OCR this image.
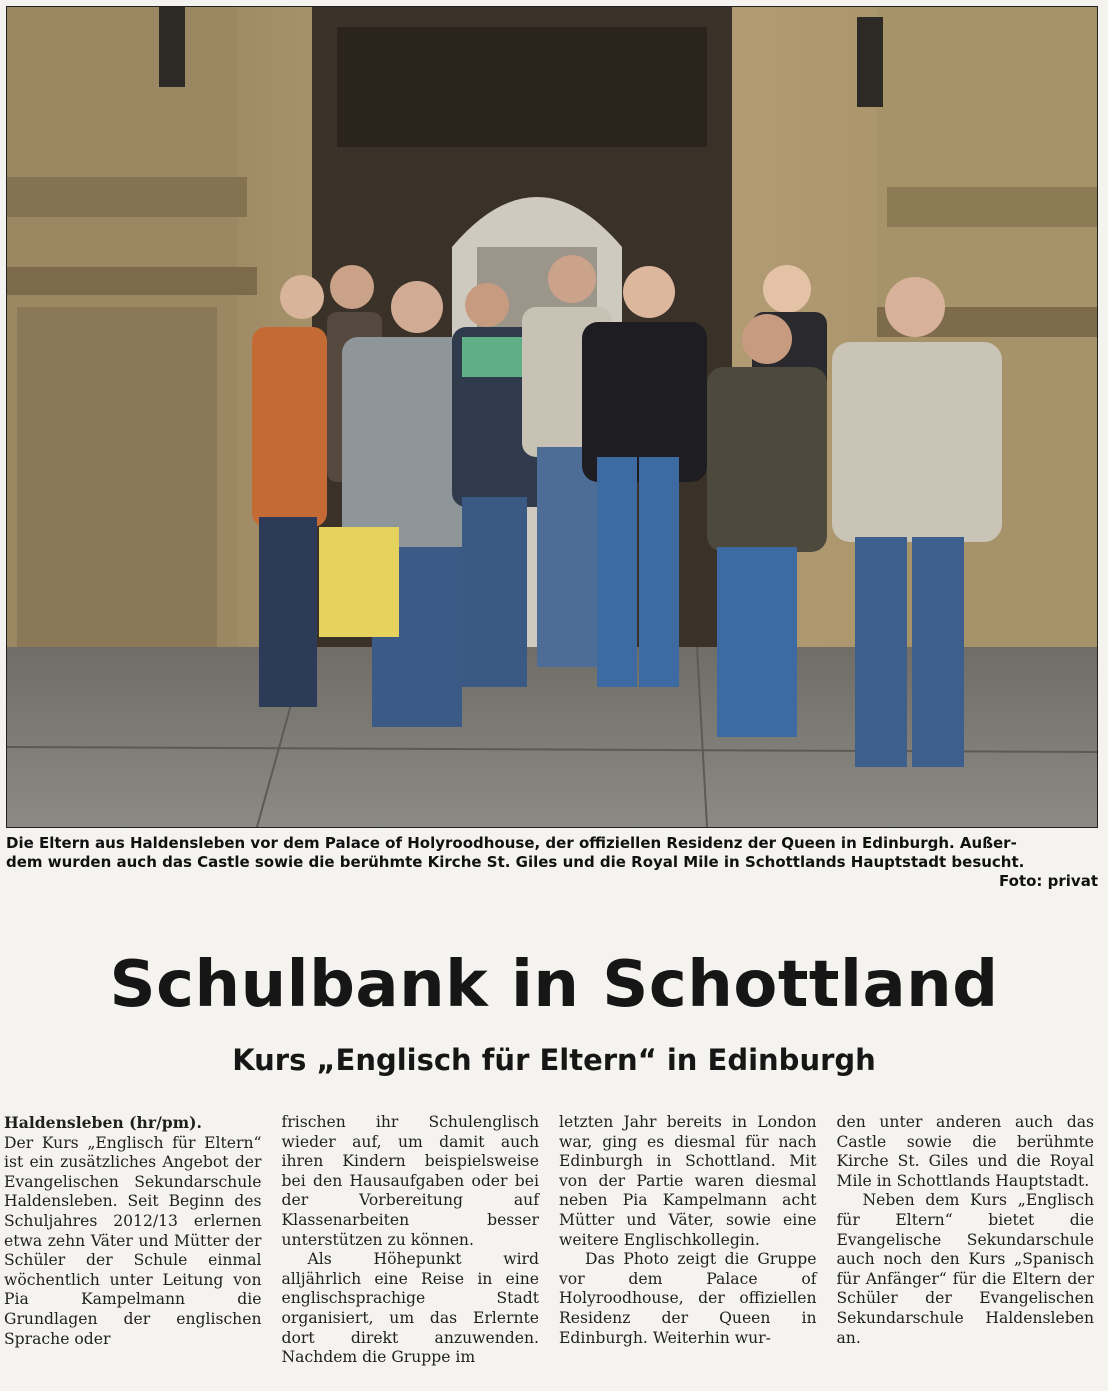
Die Eltern aus Haldensleben vor dem Palace of Holyroodhouse, der offiziellen Residenz der Queen in Edinburgh. Außer-
dem wurden auch das Castle sowie die berühmte Kirche St. Giles und die Royal Mile in Schottlands Hauptstadt besucht.
Foto: privat
Schulbank in Schottland
Kurs „Englisch für Eltern“ in Edinburgh

Haldensleben (hr/pm).
Der Kurs „Englisch für Eltern“ ist ein zusätzliches Angebot der Evangelischen Sekundarschule Haldensleben. Seit Beginn des Schuljahres 2012/13 erlernen etwa zehn Väter und Mütter der Schüler der Schule einmal wöchentlich unter Leitung von Pia Kampelmann die Grundlagen der englischen Sprache oder

frischen ihr Schulenglisch wieder auf, um damit auch ihren Kindern beispielsweise bei den Hausaufgaben oder bei der Vorbereitung auf Klassenarbeiten besser unterstützen zu können.

Als Höhepunkt wird alljährlich eine Reise in eine englischsprachige Stadt organisiert, um das Erlernte dort direkt anzuwenden. Nachdem die Gruppe im

letzten Jahr bereits in London war, ging es diesmal für nach Edinburgh in Schottland. Mit von der Partie waren diesmal neben Pia Kampelmann acht Mütter und Väter, sowie eine weitere Englischkollegin.

Das Photo zeigt die Gruppe vor dem Palace of Holyroodhouse, der offiziellen Residenz der Queen in Edinburgh. Weiterhin wur-

den unter anderen auch das Castle sowie die berühmte Kirche St. Giles und die Royal Mile in Schottlands Hauptstadt.

Neben dem Kurs „Englisch für Eltern“ bietet die Evangelische Sekundarschule auch noch den Kurs „Spanisch für Anfänger“ für die Eltern der Schüler der Evangelischen Sekundarschule Haldensleben an.
